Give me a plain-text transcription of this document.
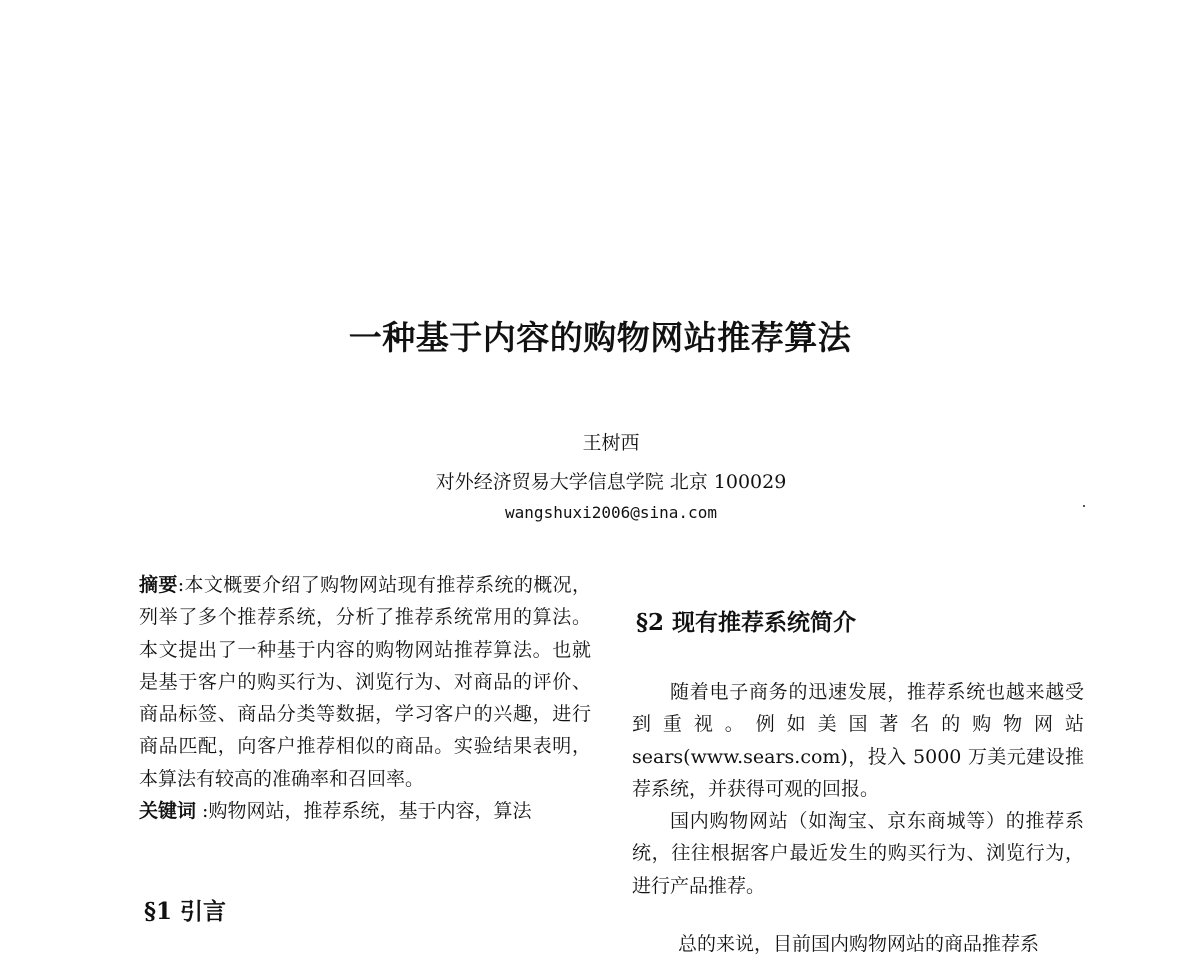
一种基于内容的购物网站推荐算法
王树西
对外经济贸易大学信息学院 北京 100029
wangshuxi2006@sina.com

摘要:本文概要介绍了购物网站现有推荐系统的概况，列举了多个推荐系统，分析了推荐系统常用的算法。本文提出了一种基于内容的购物网站推荐算法。也就是基于客户的购买行为、浏览行为、对商品的评价、商品标签、商品分类等数据，学习客户的兴趣，进行商品匹配，向客户推荐相似的商品。实验结果表明，本算法有较高的准确率和召回率。

关键词 :购物网站，推荐系统，基于内容，算法

§1 引言
§2 现有推荐系统简介

随着电子商务的迅速发展，推荐系统也越来越受到重视。例如美国著名的购物网站sears(www.sears.com)，投入 5000 万美元建设推荐系统，并获得可观的回报。

国内购物网站（如淘宝、京东商城等）的推荐系统，往往根据客户最近发生的购买行为、浏览行为，进行产品推荐。

总的来说，目前国内购物网站的商品推荐系
